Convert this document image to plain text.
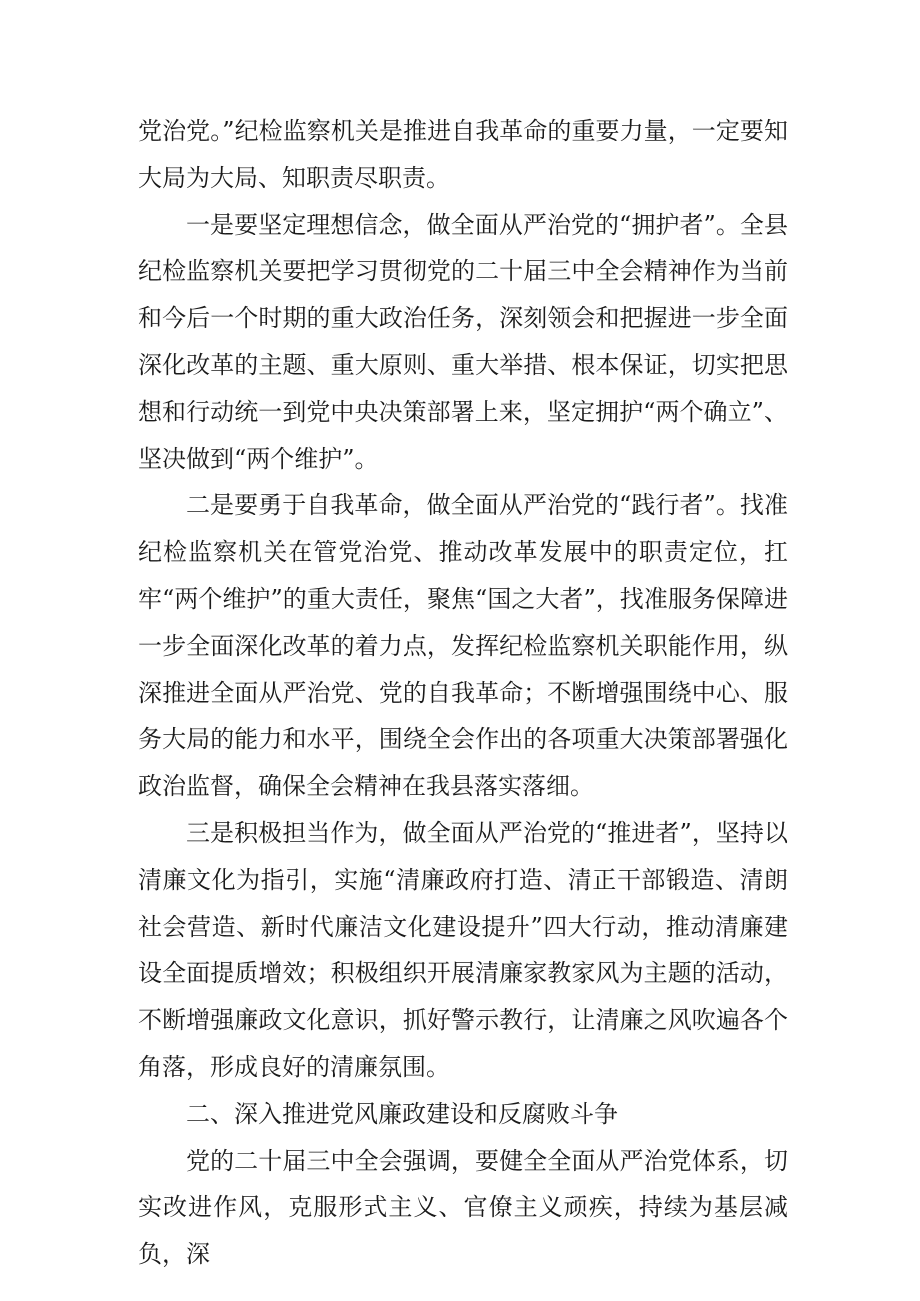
党治党。”纪检监察机关是推进自我革命的重要力量，一定要知大局为大局、知职责尽职责。

一是要坚定理想信念，做全面从严治党的“拥护者”。全县纪检监察机关要把学习贯彻党的二十届三中全会精神作为当前和今后一个时期的重大政治任务，深刻领会和把握进一步全面深化改革的主题、重大原则、重大举措、根本保证，切实把思想和行动统一到党中央决策部署上来，坚定拥护“两个确立”、坚决做到“两个维护”。

二是要勇于自我革命，做全面从严治党的“践行者”。找准纪检监察机关在管党治党、推动改革发展中的职责定位，扛牢“两个维护”的重大责任，聚焦“国之大者”，找准服务保障进一步全面深化改革的着力点，发挥纪检监察机关职能作用，纵深推进全面从严治党、党的自我革命；不断增强围绕中心、服务大局的能力和水平，围绕全会作出的各项重大决策部署强化政治监督，确保全会精神在我县落实落细。

三是积极担当作为，做全面从严治党的“推进者”，坚持以清廉文化为指引，实施“清廉政府打造、清正干部锻造、清朗社会营造、新时代廉洁文化建设提升”四大行动，推动清廉建设全面提质增效；积极组织开展清廉家教家风为主题的活动，不断增强廉政文化意识，抓好警示教行，让清廉之风吹遍各个角落，形成良好的清廉氛围。

二、深入推进党风廉政建设和反腐败斗争

党的二十届三中全会强调，要健全全面从严治党体系，切实改进作风，克服形式主义、官僚主义顽疾，持续为基层减负，深
